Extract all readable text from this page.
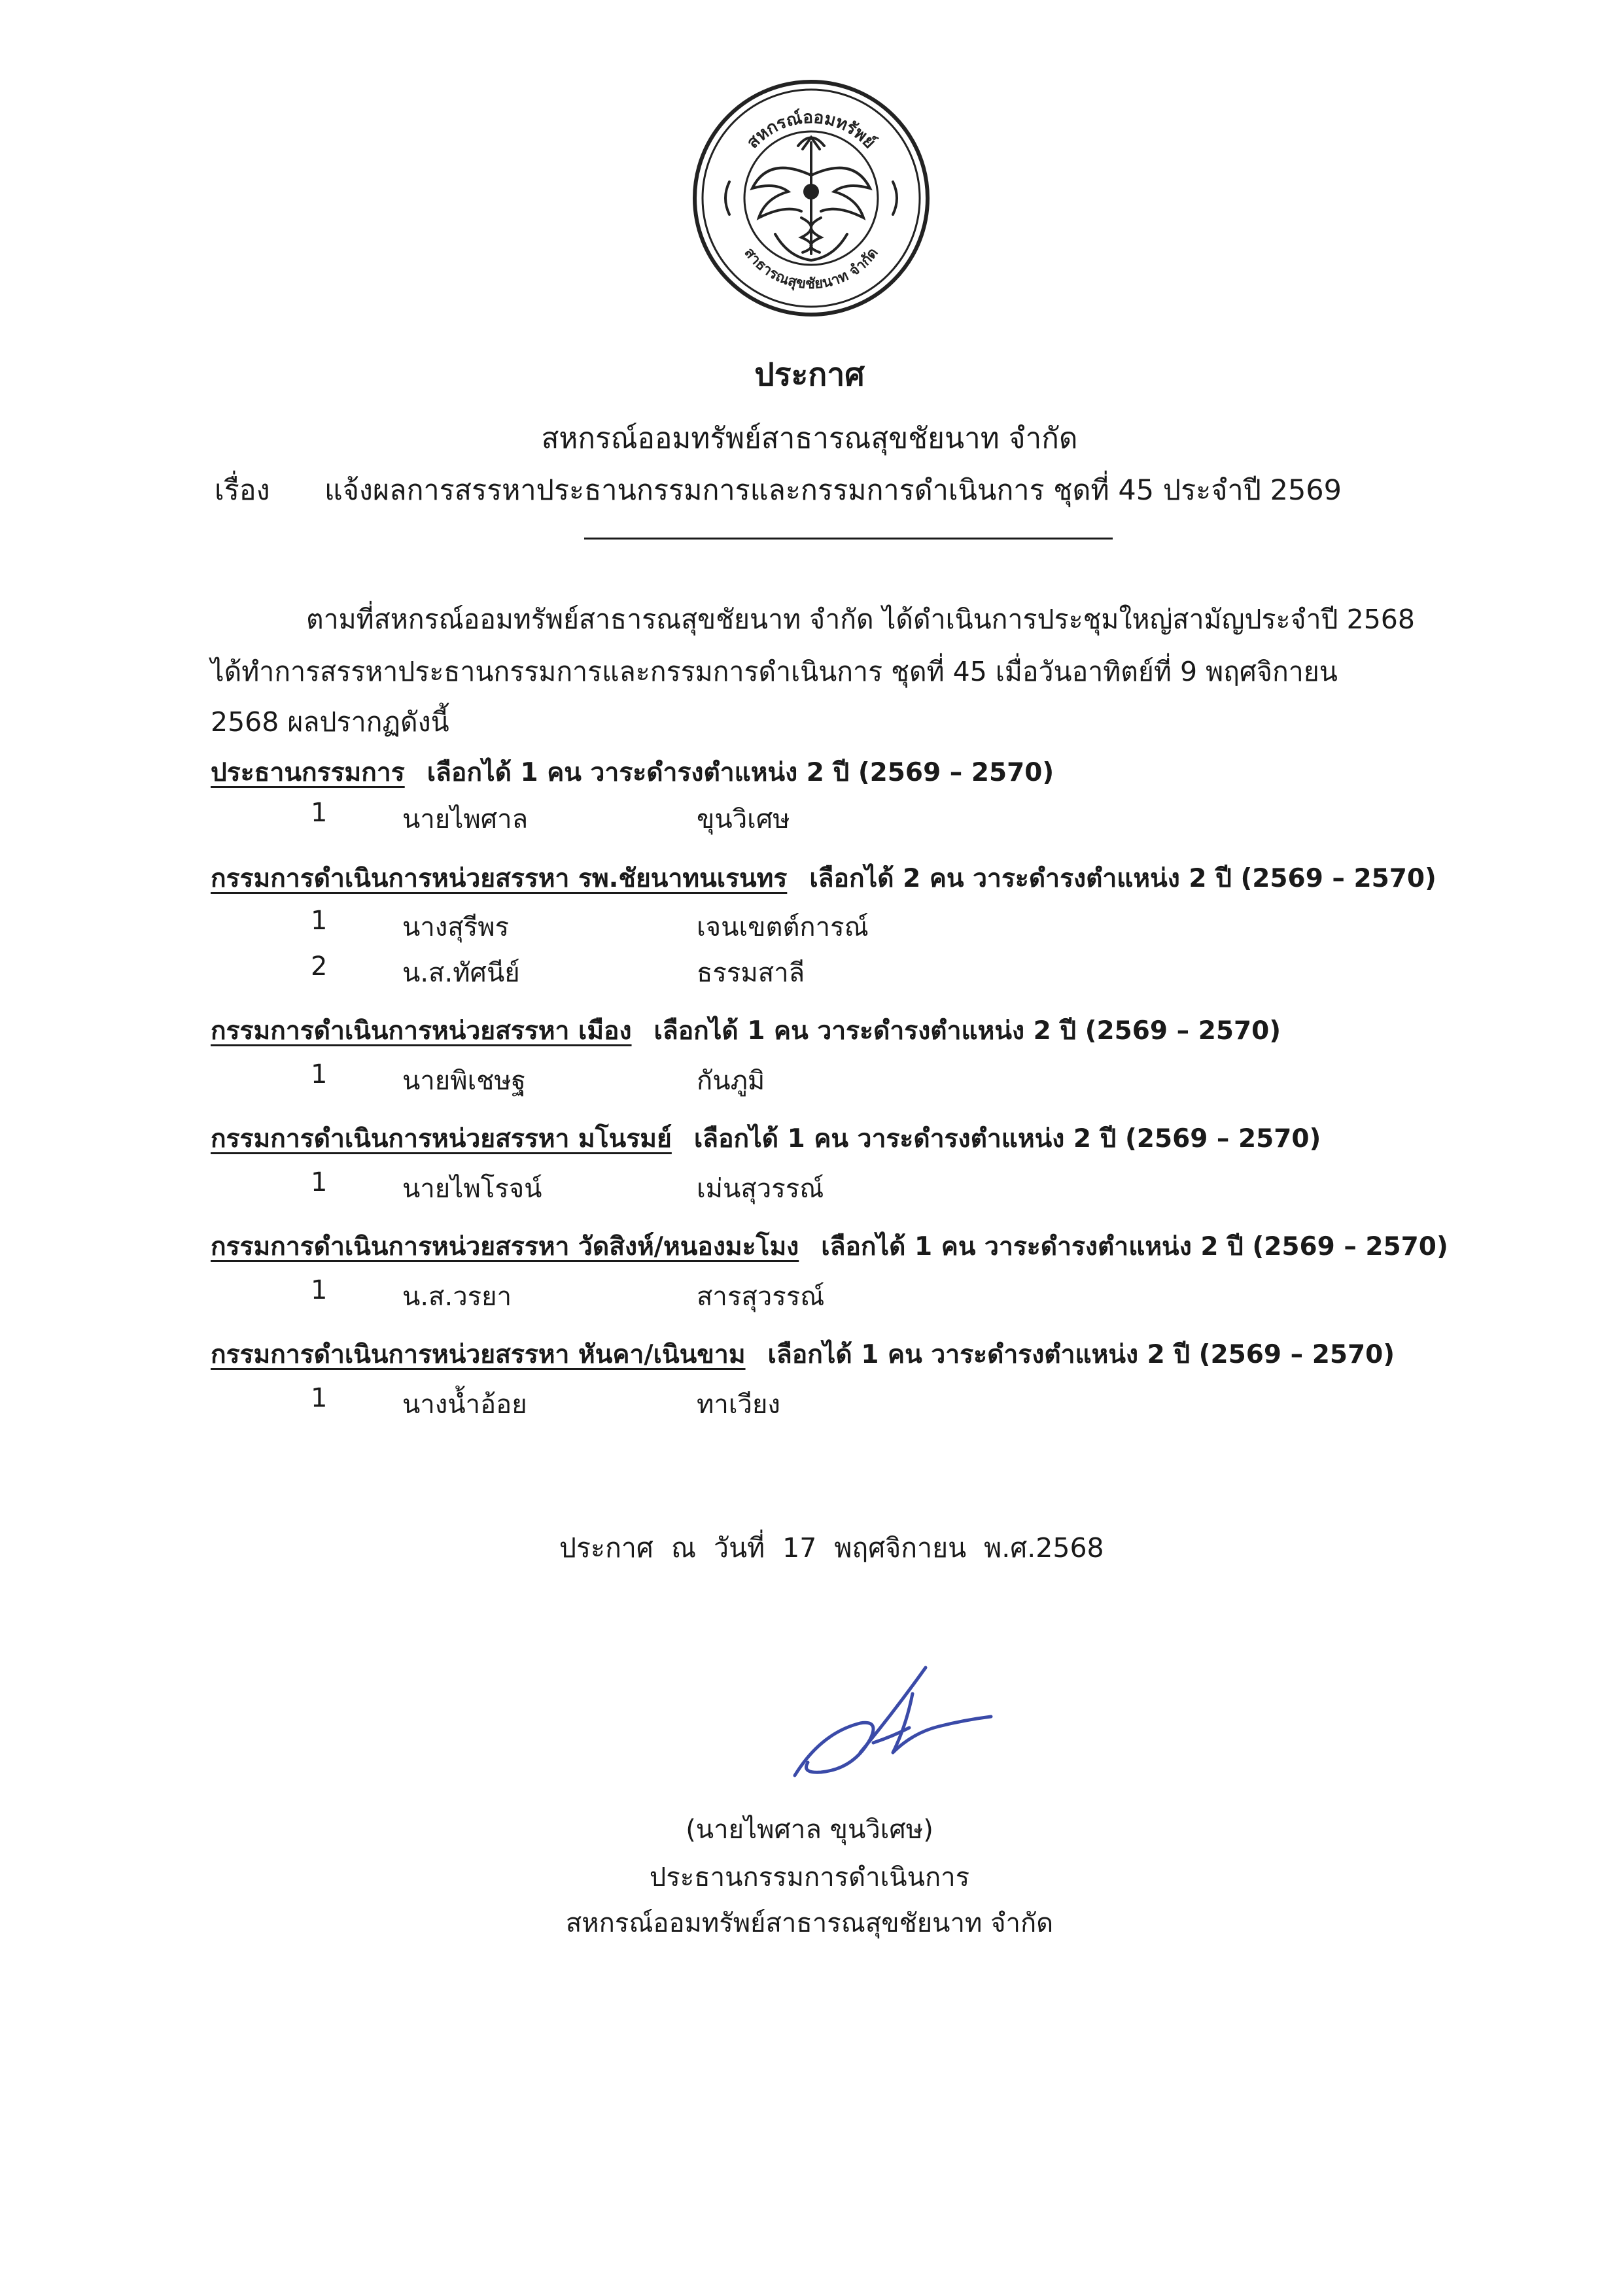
สหกรณ์ออมทรัพย์
สาธารณสุขชัยนาท จำกัด
ประกาศ
สหกรณ์ออมทรัพย์สาธารณสุขชัยนาท จำกัด
เรื่อง แจ้งผลการสรรหาประธานกรรมการและกรรมการดำเนินการ ชุดที่ 45 ประจำปี 2569
ตามที่สหกรณ์ออมทรัพย์สาธารณสุขชัยนาท จำกัด ได้ดำเนินการประชุมใหญ่สามัญประจำปี 2568
ได้ทำการสรรหาประธานกรรมการและกรรมการดำเนินการ ชุดที่ 45 เมื่อวันอาทิตย์ที่ 9 พฤศจิกายน
2568 ผลปรากฏดังนี้
ประธานกรรมการ เลือกได้ 1 คน วาระดำรงตำแหน่ง 2 ปี (2569 – 2570)
1	นายไพศาล	ขุนวิเศษ
กรรมการดำเนินการหน่วยสรรหา รพ.ชัยนาทนเรนทร เลือกได้ 2 คน วาระดำรงตำแหน่ง 2 ปี (2569 – 2570)
1	นางสุรีพร	เจนเขตต์การณ์
2	น.ส.ทัศนีย์	ธรรมสาลี
กรรมการดำเนินการหน่วยสรรหา เมือง เลือกได้ 1 คน วาระดำรงตำแหน่ง 2 ปี (2569 – 2570)
1	นายพิเชษฐ	กันภูมิ
กรรมการดำเนินการหน่วยสรรหา มโนรมย์ เลือกได้ 1 คน วาระดำรงตำแหน่ง 2 ปี (2569 – 2570)
1	นายไพโรจน์	เม่นสุวรรณ์
กรรมการดำเนินการหน่วยสรรหา วัดสิงห์/หนองมะโมง เลือกได้ 1 คน วาระดำรงตำแหน่ง 2 ปี (2569 – 2570)
1	น.ส.วรยา	สารสุวรรณ์
กรรมการดำเนินการหน่วยสรรหา หันคา/เนินขาม เลือกได้ 1 คน วาระดำรงตำแหน่ง 2 ปี (2569 – 2570)
1	นางน้ำอ้อย	ทาเวียง
ประกาศ ณ วันที่ 17 พฤศจิกายน พ.ศ.2568
(นายไพศาล ขุนวิเศษ)
ประธานกรรมการดำเนินการ
สหกรณ์ออมทรัพย์สาธารณสุขชัยนาท จำกัด
